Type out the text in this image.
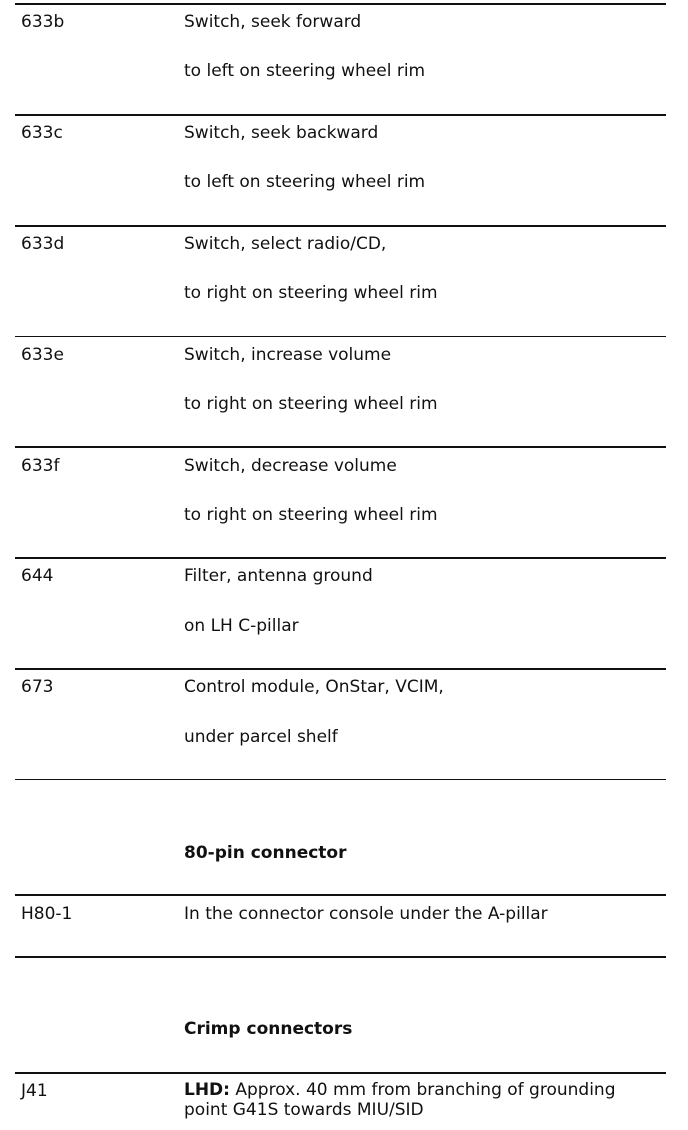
633b	Switch, seek forward
to left on steering wheel rim
633c	Switch, seek backward
to left on steering wheel rim
633d	Switch, select radio/CD,
to right on steering wheel rim
633e	Switch, increase volume
to right on steering wheel rim
633f	Switch, decrease volume
to right on steering wheel rim
644	Filter, antenna ground
on LH C-pillar
673	Control module, OnStar, VCIM,
under parcel shelf
80-pin connector
H80-1	In the connector console under the A-pillar
Crimp connectors
J41	LHD: Approx. 40 mm from branching of grounding point G41S towards MIU/SID
